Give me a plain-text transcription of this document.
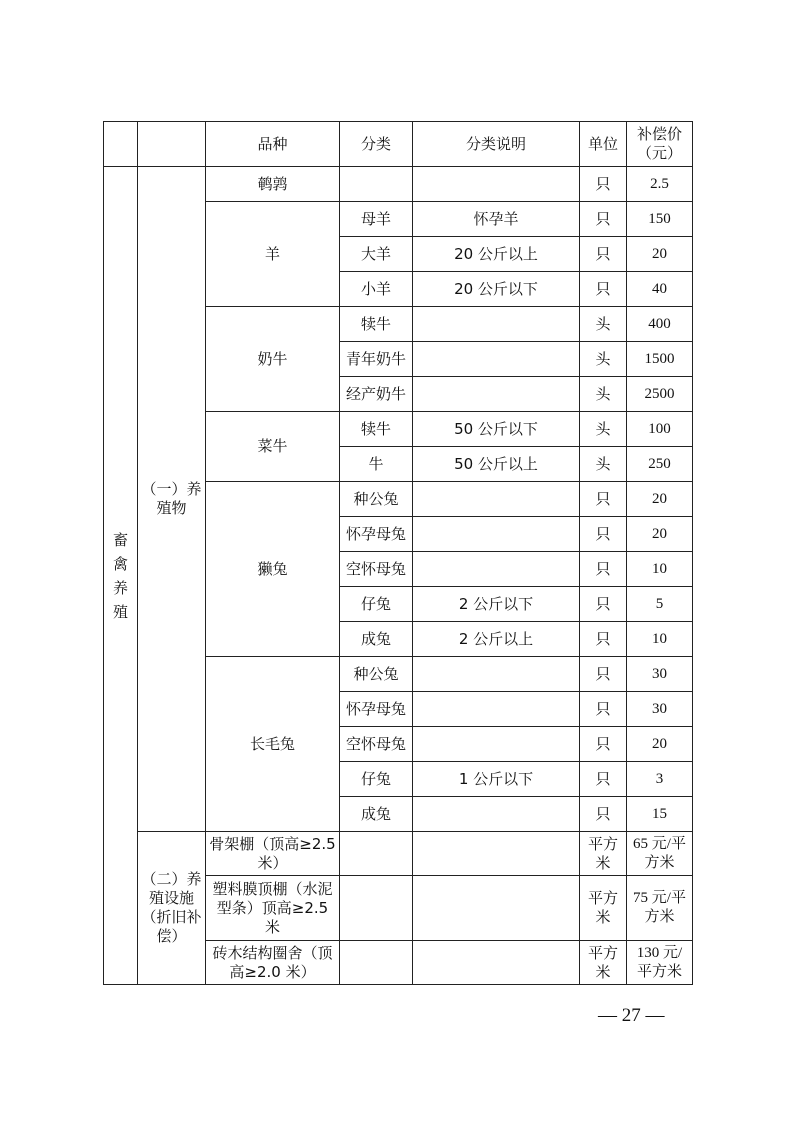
		品种	分类	分类说明	单位	补偿价（元）

畜禽养殖	（一）养殖物	鹌鹑			只	2.5
		羊	母羊	怀孕羊	只	150
			大羊	20 公斤以上	只	20
			小羊	20 公斤以下	只	40
		奶牛	犊牛		头	400
			青年奶牛		头	1500
			经产奶牛		头	2500
		菜牛	犊牛	50 公斤以下	头	100
			牛	50 公斤以上	头	250
		獭兔	种公兔		只	20
			怀孕母兔		只	20
			空怀母兔		只	10
			仔兔	2 公斤以下	只	5
			成兔	2 公斤以上	只	10
		长毛兔	种公兔		只	30
			怀孕母兔		只	30
			空怀母兔		只	20
			仔兔	1 公斤以下	只	3
			成兔		只	15

	（二）养殖设施（折旧补偿）	骨架棚（顶高≥2.5 米）			平方米	65 元/平方米

		塑料膜顶棚（水泥型条）顶高≥2.5 米			平方米	75 元/平方米

		砖木结构圈舍（顶高≥2.0 米）			平方米	130 元/平方米
— 27 —
